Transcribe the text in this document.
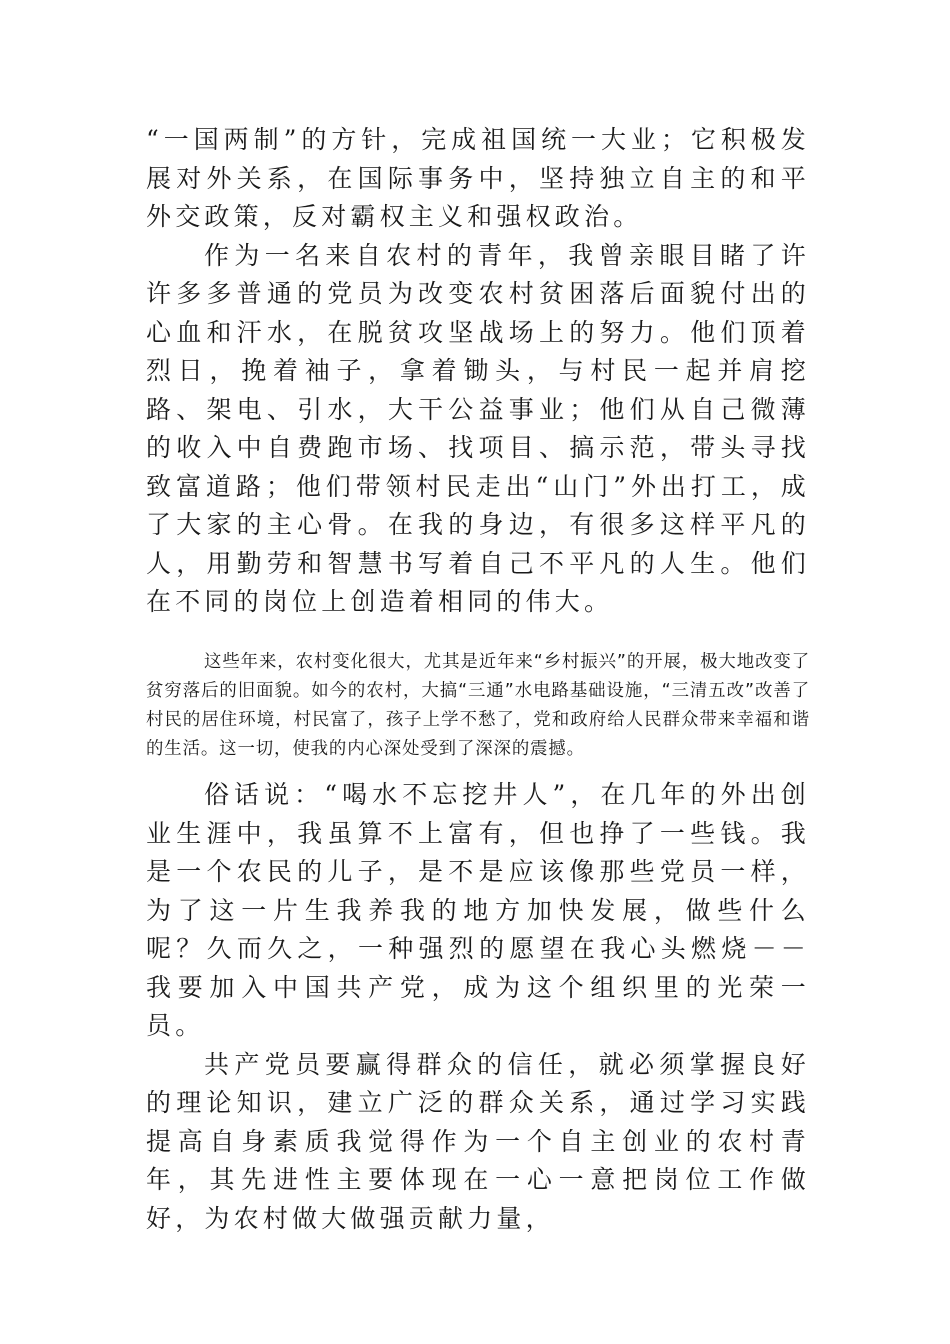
“一国两制”的方针，完成祖国统一大业；它积极发展对外关系，在国际事务中，坚持独立自主的和平外交政策，反对霸权主义和强权政治。

作为一名来自农村的青年，我曾亲眼目睹了许许多多普通的党员为改变农村贫困落后面貌付出的心血和汗水，在脱贫攻坚战场上的努力。他们顶着烈日，挽着袖子，拿着锄头，与村民一起并肩挖路、架电、引水，大干公益事业；他们从自己微薄的收入中自费跑市场、找项目、搞示范，带头寻找致富道路；他们带领村民走出“山门”外出打工，成了大家的主心骨。在我的身边，有很多这样平凡的人，用勤劳和智慧书写着自己不平凡的人生。他们在不同的岗位上创造着相同的伟大。

这些年来，农村变化很大，尤其是近年来“乡村振兴”的开展，极大地改变了贫穷落后的旧面貌。如今的农村，大搞“三通”水电路基础设施，“三清五改”改善了村民的居住环境，村民富了，孩子上学不愁了，党和政府给人民群众带来幸福和谐的生活。这一切，使我的内心深处受到了深深的震撼。

俗话说：“喝水不忘挖井人”，在几年的外出创业生涯中，我虽算不上富有，但也挣了一些钱。我是一个农民的儿子，是不是应该像那些党员一样，为了这一片生我养我的地方加快发展，做些什么呢？久而久之，一种强烈的愿望在我心头燃烧－－我要加入中国共产党，成为这个组织里的光荣一员。

共产党员要赢得群众的信任，就必须掌握良好的理论知识，建立广泛的群众关系，通过学习实践提高自身素质我觉得作为一个自主创业的农村青年，其先进性主要体现在一心一意把岗位工作做好，为农村做大做强贡献力量，
